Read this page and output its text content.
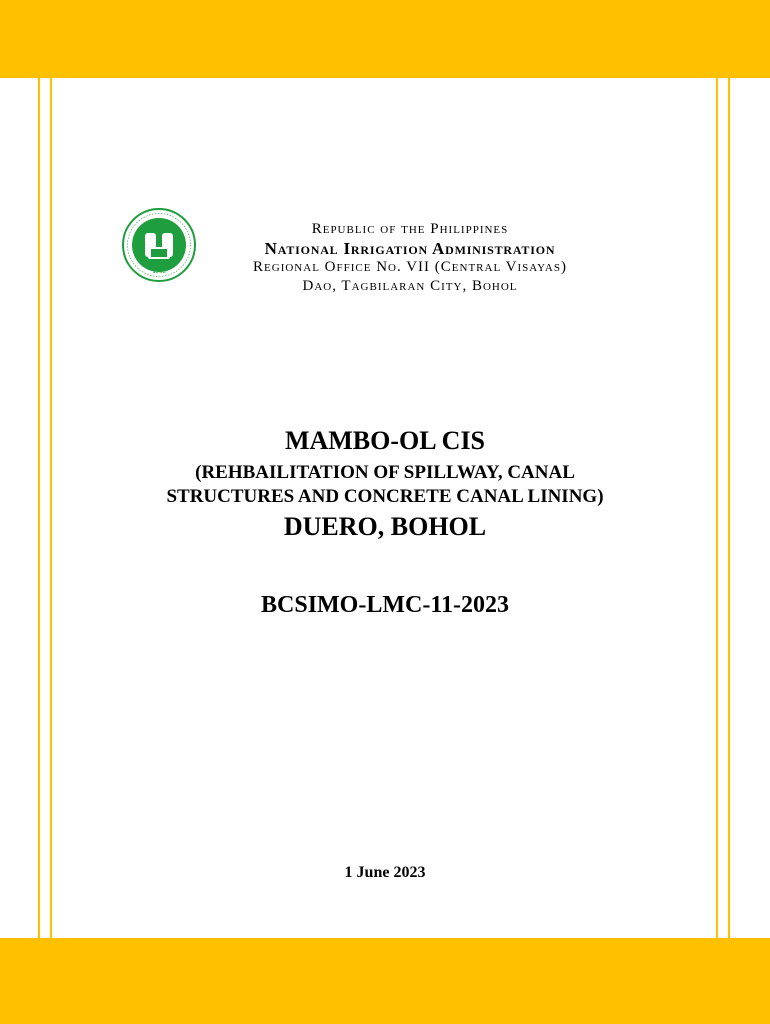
1963
Republic of the Philippines
National Irrigation Administration
Regional Office No. VII (Central Visayas)
Dao, Tagbilaran City, Bohol
MAMBO-OL CIS
(REHBAILITATION OF SPILLWAY, CANAL
STRUCTURES AND CONCRETE CANAL LINING)
DUERO, BOHOL
BCSIMO-LMC-11-2023
1 June 2023
